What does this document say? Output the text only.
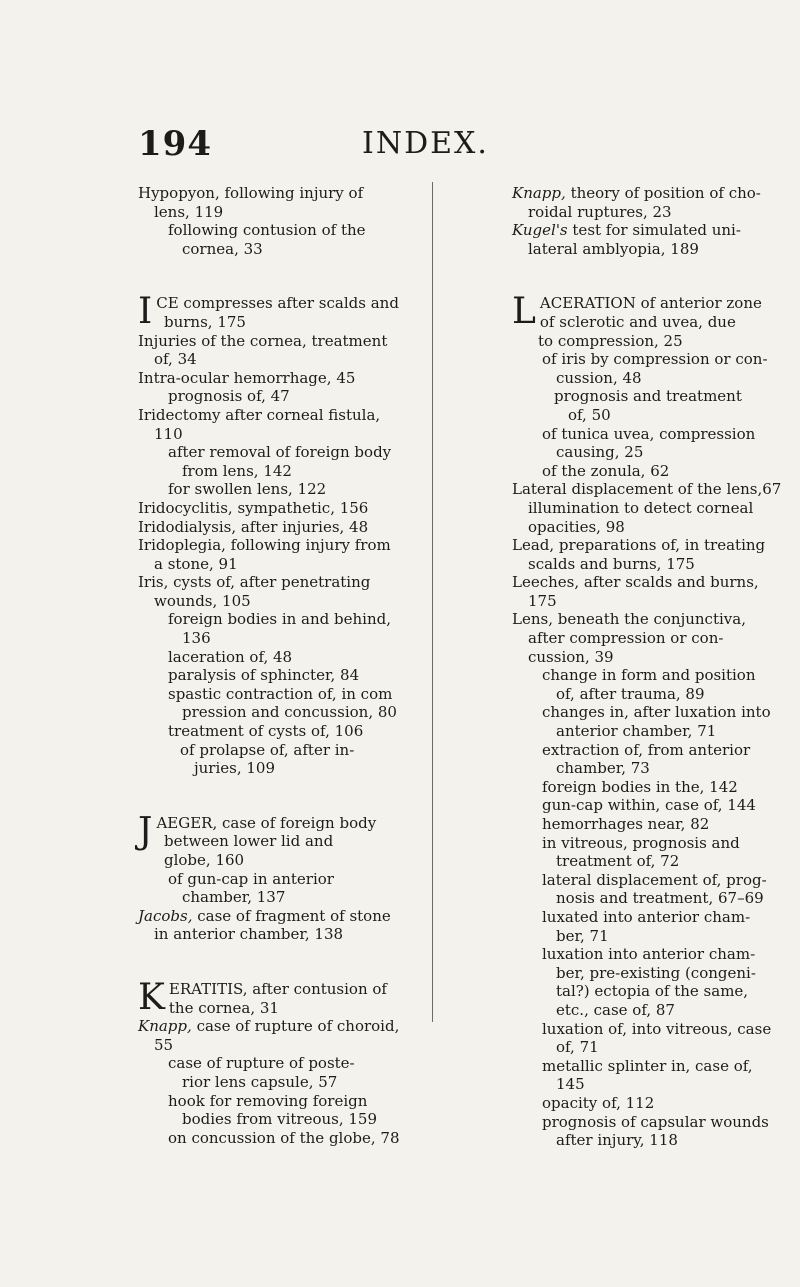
194	INDEX.

Hypopyon, following injury of
lens, 119

following contusion of the
cornea, 33

ICE compresses after scalds and
burns, 175

Injuries of the cornea, treatment
of, 34

Intra-ocular hemorrhage, 45

prognosis of, 47

Iridectomy after corneal fistula,
110

after removal of foreign body
from lens, 142

for swollen lens, 122

Iridocyclitis, sympathetic, 156

Iridodialysis, after injuries, 48

Iridoplegia, following injury from
a stone, 91

Iris, cysts of, after penetrating
wounds, 105

foreign bodies in and behind,
136

laceration of, 48

paralysis of sphincter, 84

spastic contraction of, in com
pression and concussion, 80

treatment of cysts of, 106

of prolapse of, after in-
juries, 109

JAEGER, case of foreign body
between lower lid and
globe, 160

of gun-cap in anterior
chamber, 137

Jacobs, case of fragment of stone
in anterior chamber, 138

KERATITIS, after contusion of
the cornea, 31

Knapp, case of rupture of choroid,
55

case of rupture of poste-
rior lens capsule, 57

hook for removing foreign
bodies from vitreous, 159

on concussion of the globe, 78

Knapp, theory of position of cho-
roidal ruptures, 23

Kugel's test for simulated uni-
lateral amblyopia, 189

LACERATION of anterior zone
of sclerotic and uvea, due
to compression, 25

of iris by compression or con-
cussion, 48

prognosis and treatment
of, 50

of tunica uvea, compression
causing, 25

of the zonula, 62

Lateral displacement of the lens,67
illumination to detect corneal
opacities, 98

Lead, preparations of, in treating
scalds and burns, 175

Leeches, after scalds and burns,
175

Lens, beneath the conjunctiva,
after compression or con-
cussion, 39

change in form and position
of, after trauma, 89

changes in, after luxation into
anterior chamber, 71

extraction of, from anterior
chamber, 73

foreign bodies in the, 142

gun-cap within, case of, 144

hemorrhages near, 82

in vitreous, prognosis and
treatment of, 72

lateral displacement of, prog-
nosis and treatment, 67–69

luxated into anterior cham-
ber, 71

luxation into anterior cham-
ber, pre-existing (congeni-
tal?) ectopia of the same,
etc., case of, 87

luxation of, into vitreous, case
of, 71

metallic splinter in, case of,
145

opacity of, 112

prognosis of capsular wounds
after injury, 118
